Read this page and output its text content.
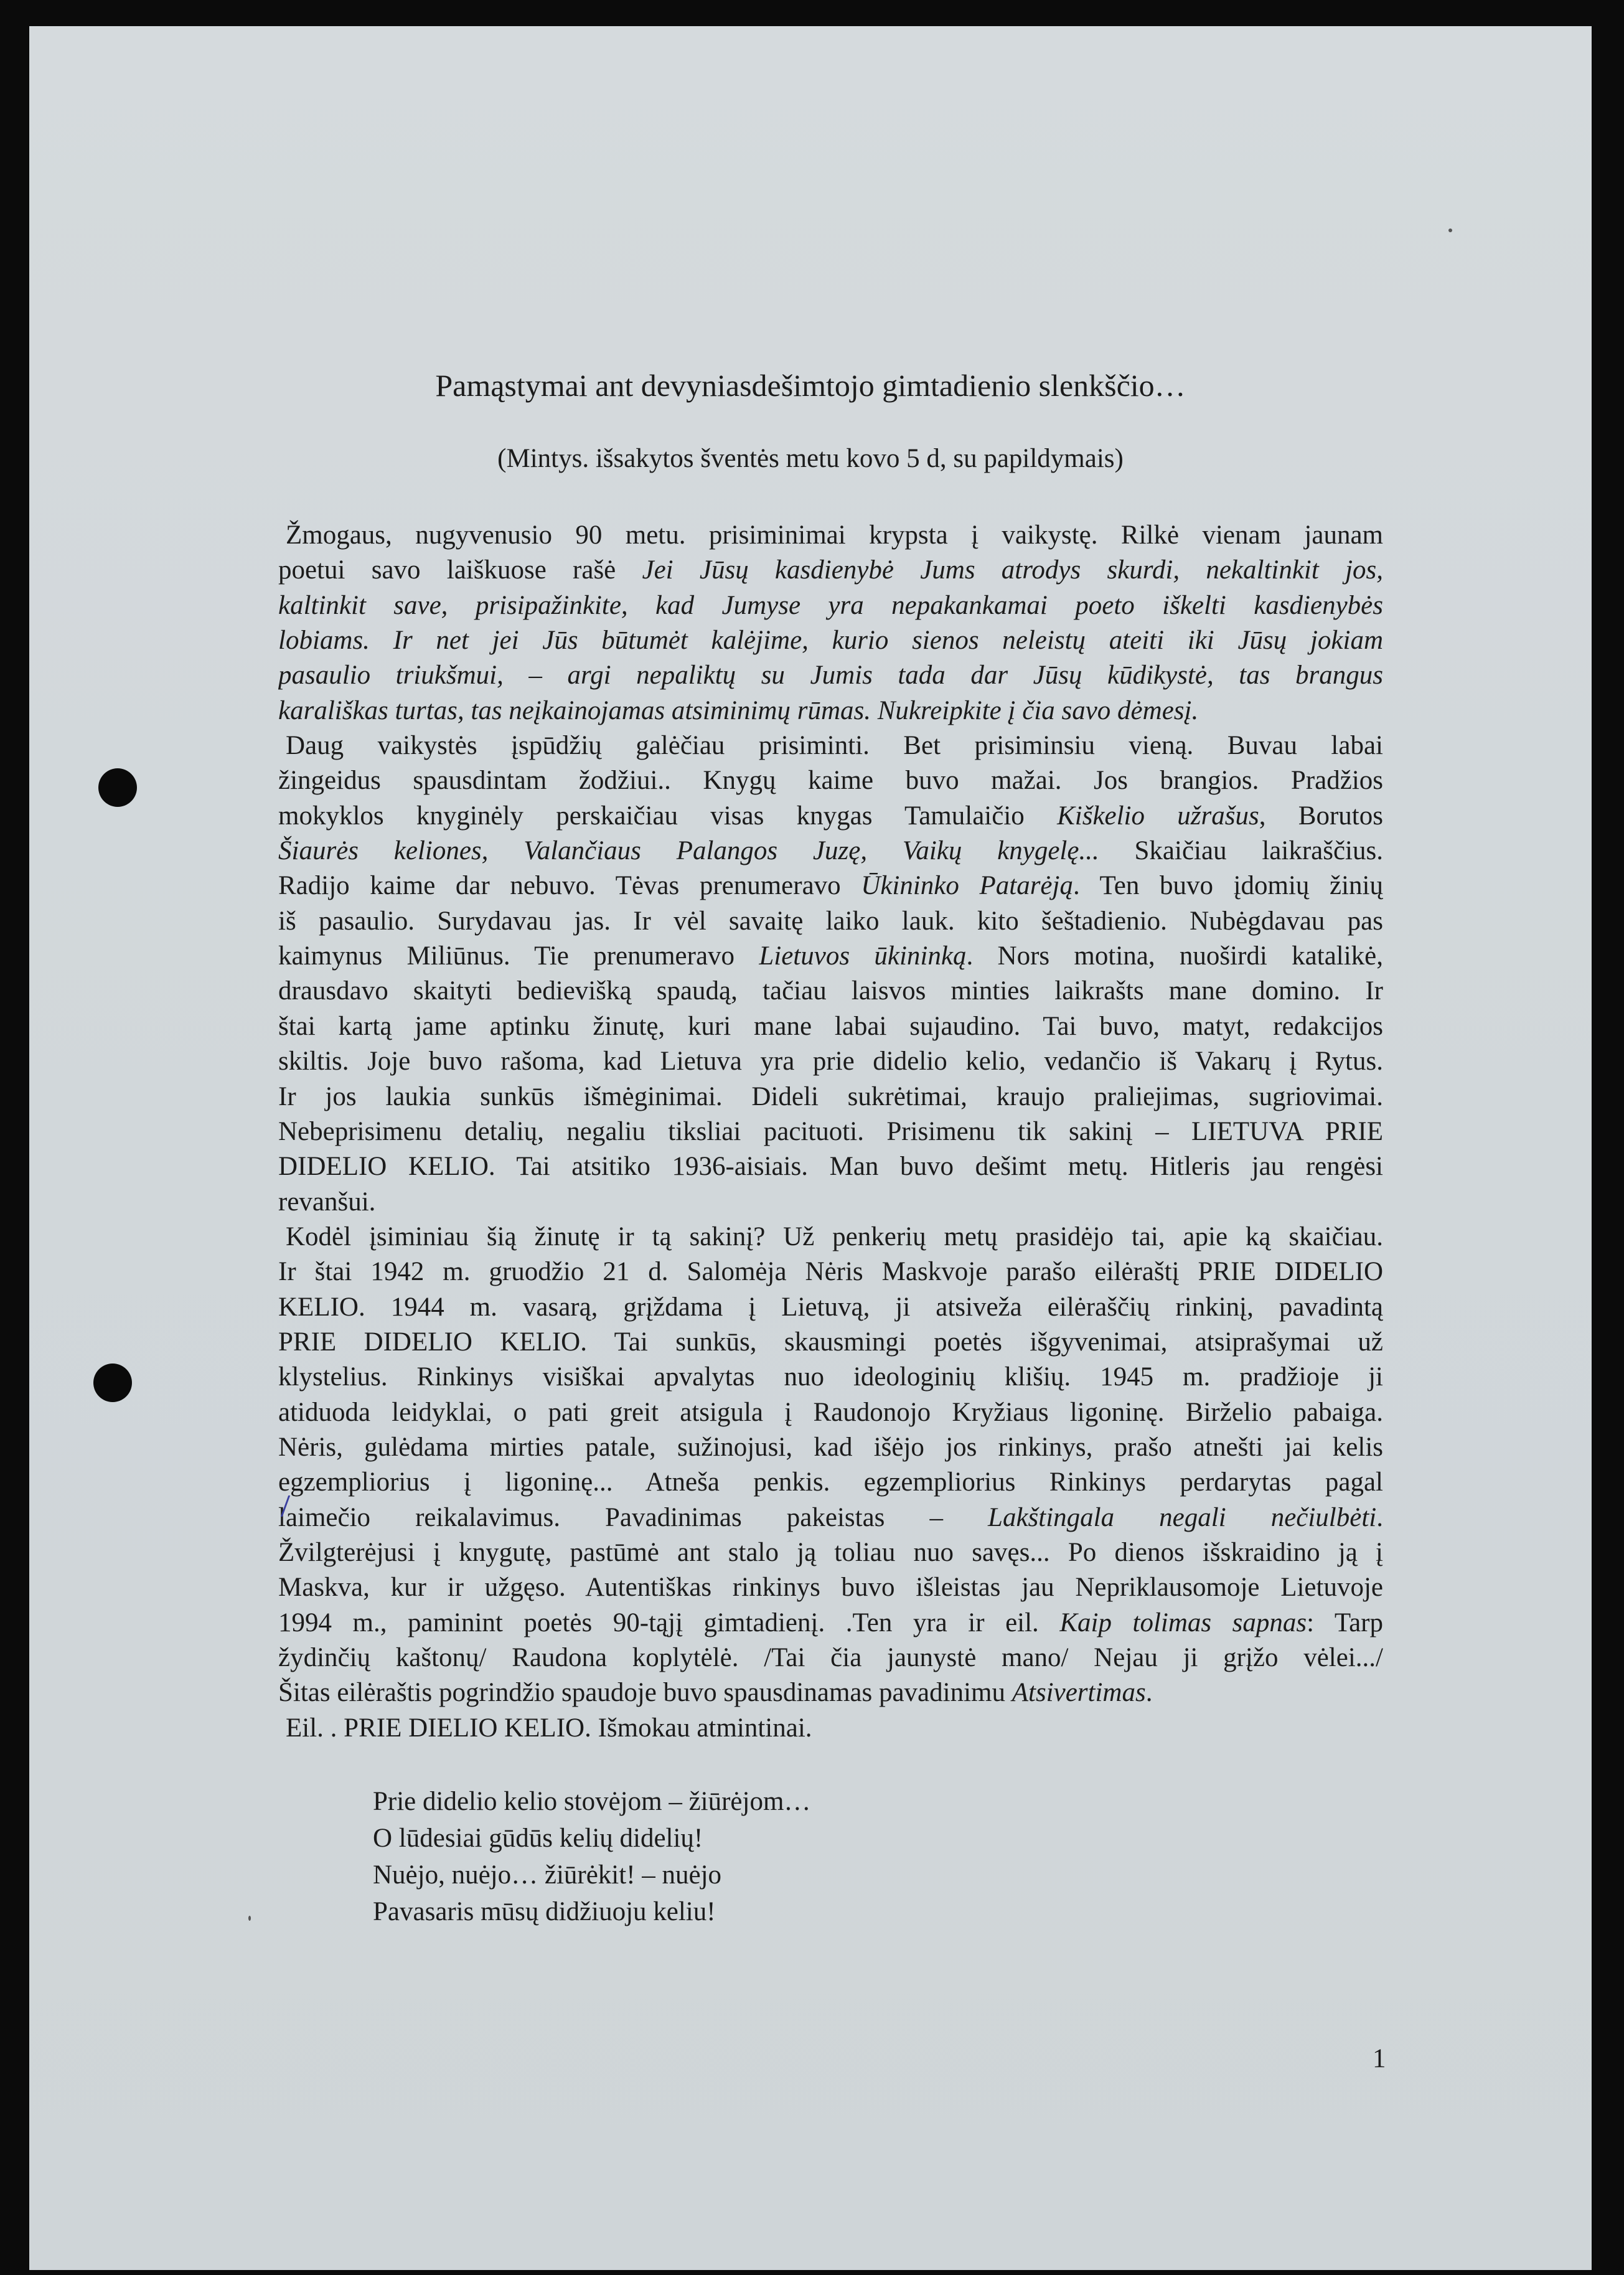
Pamąstymai ant devyniasdešimtojo gimtadienio slenkščio…
(Mintys. išsakytos šventės metu kovo 5 d, su papildymais)
Žmogaus, nugyvenusio 90 metu. prisiminimai krypsta į vaikystę. Rilkė vienam jaunam
poetui savo laiškuose rašė Jei Jūsų kasdienybė Jums atrodys skurdi, nekaltinkit jos,
kaltinkit save, prisipažinkite, kad Jumyse yra nepakankamai poeto iškelti kasdienybės
lobiams. Ir net jei Jūs būtumėt kalėjime, kurio sienos neleistų ateiti iki Jūsų jokiam
pasaulio triukšmui, – argi nepaliktų su Jumis tada dar Jūsų kūdikystė, tas brangus
karališkas turtas, tas neįkainojamas atsiminimų rūmas. Nukreipkite į čia savo dėmesį.
Daug vaikystės įspūdžių galėčiau prisiminti. Bet prisiminsiu vieną. Buvau labai
žingeidus spausdintam žodžiui.. Knygų kaime buvo mažai. Jos brangios. Pradžios
mokyklos knyginėly perskaičiau visas knygas Tamulaičio Kiškelio užrašus, Borutos
Šiaurės keliones, Valančiaus Palangos Juzę, Vaikų knygelę... Skaičiau laikraščius.
Radijo kaime dar nebuvo. Tėvas prenumeravo Ūkininko Patarėją. Ten buvo įdomių žinių
iš pasaulio. Surydavau jas. Ir vėl savaitę laiko lauk. kito šeštadienio. Nubėgdavau pas
kaimynus Miliūnus. Tie prenumeravo Lietuvos ūkininką. Nors motina, nuoširdi katalikė,
drausdavo skaityti bedievišką spaudą, tačiau laisvos minties laikrašts mane domino. Ir
štai kartą jame aptinku žinutę, kuri mane labai sujaudino. Tai buvo, matyt, redakcijos
skiltis. Joje buvo rašoma, kad Lietuva yra prie didelio kelio, vedančio iš Vakarų į Rytus.
Ir jos laukia sunkūs išmėginimai. Dideli sukrėtimai, kraujo praliejimas, sugriovimai.
Nebeprisimenu detalių, negaliu tiksliai pacituoti. Prisimenu tik sakinį – LIETUVA PRIE
DIDELIO KELIO. Tai atsitiko 1936-aisiais. Man buvo dešimt metų. Hitleris jau rengėsi
revanšui.
Kodėl įsiminiau šią žinutę ir tą sakinį? Už penkerių metų prasidėjo tai, apie ką skaičiau.
Ir štai 1942 m. gruodžio 21 d. Salomėja Nėris Maskvoje parašo eilėraštį PRIE DIDELIO
KELIO. 1944 m. vasarą, grįždama į Lietuvą, ji atsiveža eilėraščių rinkinį, pavadintą
PRIE DIDELIO KELIO. Tai sunkūs, skausmingi poetės išgyvenimai, atsiprašymai už
klystelius. Rinkinys visiškai apvalytas nuo ideologinių klišių. 1945 m. pradžioje ji
atiduoda leidyklai, o pati greit atsigula į Raudonojo Kryžiaus ligoninę. Birželio pabaiga.
Nėris, gulėdama mirties patale, sužinojusi, kad išėjo jos rinkinys, prašo atnešti jai kelis
egzempliorius į ligoninę... Atneša penkis. egzempliorius Rinkinys perdarytas pagal
laimečio reikalavimus. Pavadinimas pakeistas – Lakštingala negali nečiulbėti.
Žvilgterėjusi į knygutę, pastūmė ant stalo ją toliau nuo savęs... Po dienos išskraidino ją į
Maskva, kur ir užgęso. Autentiškas rinkinys buvo išleistas jau Nepriklausomoje Lietuvoje
1994 m., paminint poetės 90-tąjį gimtadienį. .Ten yra ir eil. Kaip tolimas sapnas: Tarp
žydinčių kaštonų/ Raudona koplytėlė. /Tai čia jaunystė mano/ Nejau ji grįžo vėlei.../
Šitas eilėraštis pogrindžio spaudoje buvo spausdinamas pavadinimu Atsivertimas.
Eil. . PRIE DIELIO KELIO. Išmokau atmintinai.
Prie didelio kelio stovėjom – žiūrėjom…
O lūdesiai gūdūs kelių didelių!
Nuėjo, nuėjo… žiūrėkit! – nuėjo
Pavasaris mūsų didžiuoju keliu!
1
